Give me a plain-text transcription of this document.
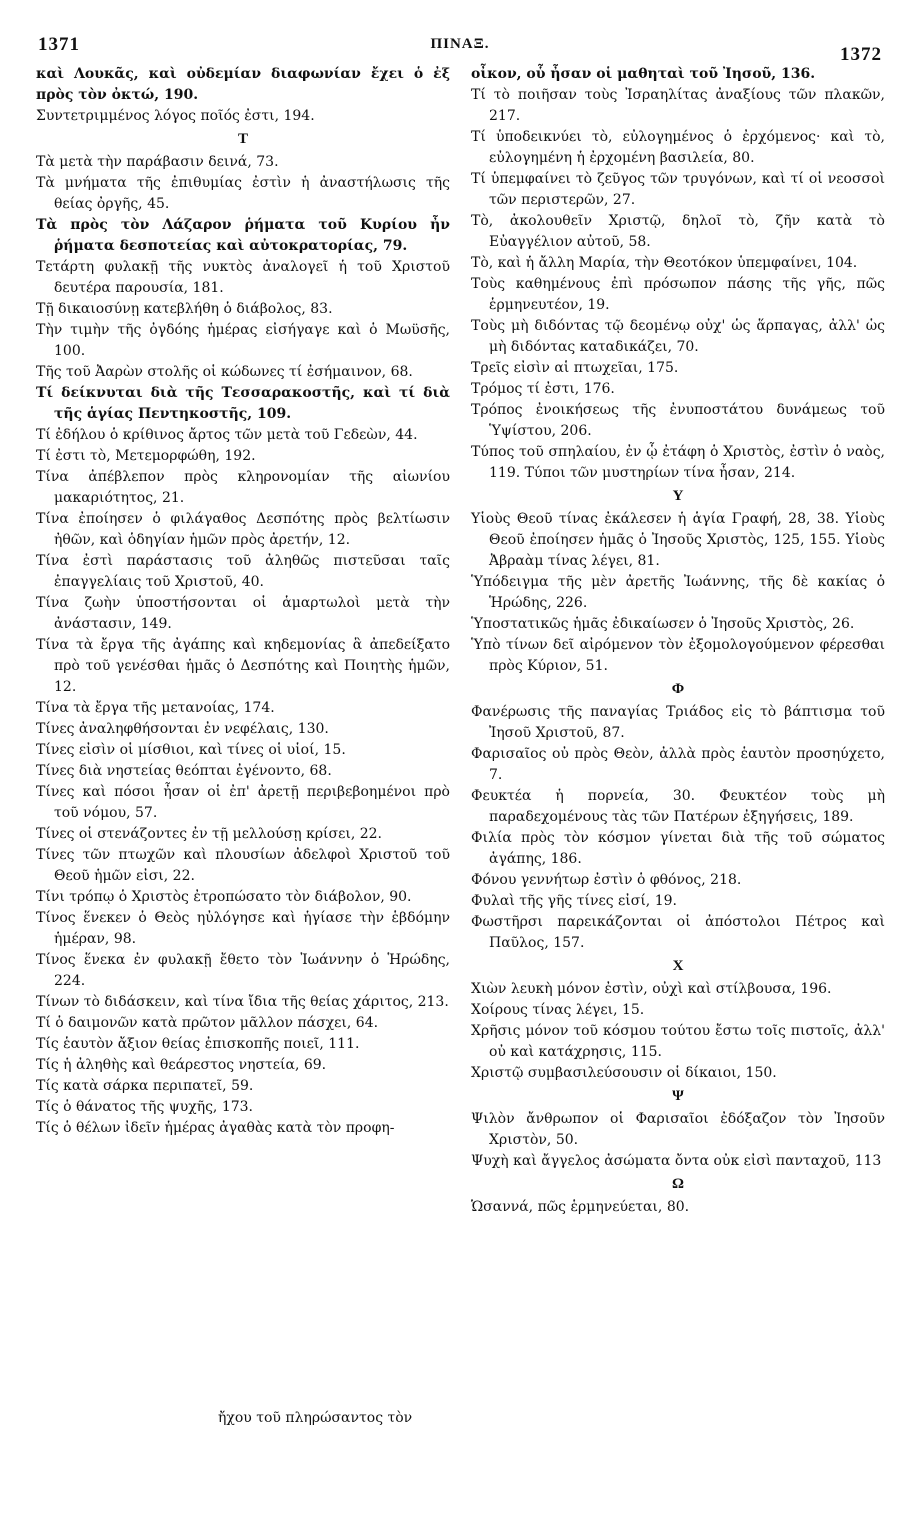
1371	ΠΙΝΑΞ.	1372

καὶ Λουκᾶς, καὶ οὐδεμίαν διαφωνίαν ἔχει ὁ ἐξ πρὸς τὸν ὀκτώ, 190.

Συντετριμμένος λόγος ποῖός ἐστι, 194.

Τ

Τὰ μετὰ τὴν παράβασιν δεινά, 73.

Τὰ μνήματα τῆς ἐπιθυμίας ἐστὶν ἡ ἀναστήλωσις τῆς θείας ὀργῆς, 45.

Τὰ πρὸς τὸν Λάζαρον ῥήματα τοῦ Κυρίου ἦν ῥήματα δεσποτείας καὶ αὐτοκρατορίας, 79.

Τετάρτη φυλακῇ τῆς νυκτὸς ἀναλογεῖ ἡ τοῦ Χριστοῦ δευτέρα παρουσία, 181.

Τῇ δικαιοσύνῃ κατεβλήθη ὁ διάβολος, 83.

Τὴν τιμὴν τῆς ὀγδόης ἡμέρας εἰσήγαγε καὶ ὁ Μωϋσῆς, 100.

Τῆς τοῦ Ἀαρὼν στολῆς οἱ κώδωνες τί ἐσήμαινον, 68.

Τί δείκνυται διὰ τῆς Τεσσαρακοστῆς, καὶ τί διὰ τῆς ἁγίας Πεντηκοστῆς, 109.

Τί ἐδήλου ὁ κρίθινος ἄρτος τῶν μετὰ τοῦ Γεδεὼν, 44.

Τί ἐστι τὸ, Μετεμορφώθη, 192.

Τίνα ἀπέβλεπον πρὸς κληρονομίαν τῆς αἰωνίου μακαριότητος, 21.

Τίνα ἐποίησεν ὁ φιλάγαθος Δεσπότης πρὸς βελτίωσιν ἠθῶν, καὶ ὁδηγίαν ἡμῶν πρὸς ἀρετήν, 12.

Τίνα ἐστὶ παράστασις τοῦ ἀληθῶς πιστεῦσαι ταῖς ἐπαγγελίαις τοῦ Χριστοῦ, 40.

Τίνα ζωὴν ὑποστήσονται οἱ ἁμαρτωλοὶ μετὰ τὴν ἀνάστασιν, 149.

Τίνα τὰ ἔργα τῆς ἀγάπης καὶ κηδεμονίας ἃ ἀπεδείξατο πρὸ τοῦ γενέσθαι ἡμᾶς ὁ Δεσπότης καὶ Ποιητὴς ἡμῶν, 12.

Τίνα τὰ ἔργα τῆς μετανοίας, 174.

Τίνες ἀναληφθήσονται ἐν νεφέλαις, 130.

Τίνες εἰσὶν οἱ μίσθιοι, καὶ τίνες οἱ υἱοί, 15.

Τίνες διὰ νηστείας θεόπται ἐγένοντο, 68.

Τίνες καὶ πόσοι ἦσαν οἱ ἐπ' ἀρετῇ περιβεβοημένοι πρὸ τοῦ νόμου, 57.

Τίνες οἱ στενάζοντες ἐν τῇ μελλούσῃ κρίσει, 22.

Τίνες τῶν πτωχῶν καὶ πλουσίων ἀδελφοὶ Χριστοῦ τοῦ Θεοῦ ἡμῶν εἰσι, 22.

Τίνι τρόπῳ ὁ Χριστὸς ἐτροπώσατο τὸν διάβολον, 90.

Τίνος ἕνεκεν ὁ Θεὸς ηὐλόγησε καὶ ἡγίασε τὴν ἑβδόμην ἡμέραν, 98.

Τίνος ἕνεκα ἐν φυλακῇ ἔθετο τὸν Ἰωάννην ὁ Ἡρώδης, 224.

Τίνων τὸ διδάσκειν, καὶ τίνα ἴδια τῆς θείας χάριτος, 213.

Τί ὁ δαιμονῶν κατὰ πρῶτον μᾶλλον πάσχει, 64.

Τίς ἑαυτὸν ἄξιον θείας ἐπισκοπῆς ποιεῖ, 111.

Τίς ἡ ἀληθὴς καὶ θεάρεστος νηστεία, 69.

Τίς κατὰ σάρκα περιπατεῖ, 59.

Τίς ὁ θάνατος τῆς ψυχῆς, 173.

Τίς ὁ θέλων ἰδεῖν ἡμέρας ἀγαθὰς κατὰ τὸν προφη-

οἶκον, οὗ ἦσαν οἱ μαθηταὶ τοῦ Ἰησοῦ, 136.

Τί τὸ ποιῆσαν τοὺς Ἰσραηλίτας ἀναξίους τῶν πλακῶν, 217.

Τί ὑποδεικνύει τὸ, εὐλογημένος ὁ ἐρχόμενος· καὶ τὸ, εὐλογημένη ἡ ἐρχομένη βασιλεία, 80.

Τί ὑπεμφαίνει τὸ ζεῦγος τῶν τρυγόνων, καὶ τί οἱ νεοσσοὶ τῶν περιστερῶν, 27.

Τὸ, ἀκολουθεῖν Χριστῷ, δηλοῖ τὸ, ζῆν κατὰ τὸ Εὐαγγέλιον αὐτοῦ, 58.

Τὸ, καὶ ἡ ἄλλη Μαρία, τὴν Θεοτόκον ὑπεμφαίνει, 104.

Τοὺς καθημένους ἐπὶ πρόσωπον πάσης τῆς γῆς, πῶς ἑρμηνευτέον, 19.

Τοὺς μὴ διδόντας τῷ δεομένῳ οὐχ' ὡς ἅρπαγας, ἀλλ' ὡς μὴ διδόντας καταδικάζει, 70.

Τρεῖς εἰσὶν αἱ πτωχεῖαι, 175.

Τρόμος τί ἐστι, 176.

Τρόπος ἐνοικήσεως τῆς ἐνυποστάτου δυνάμεως τοῦ Ὑψίστου, 206.

Τύπος τοῦ σπηλαίου, ἐν ᾧ ἐτάφη ὁ Χριστὸς, ἐστὶν ὁ ναὸς, 119. Τύποι τῶν μυστηρίων τίνα ἦσαν, 214.

Υ

Υἱοὺς Θεοῦ τίνας ἐκάλεσεν ἡ ἁγία Γραφή, 28, 38. Υἱοὺς Θεοῦ ἐποίησεν ἡμᾶς ὁ Ἰησοῦς Χριστὸς, 125, 155. Υἱοὺς Ἀβραὰμ τίνας λέγει, 81.

Ὑπόδειγμα τῆς μὲν ἀρετῆς Ἰωάννης, τῆς δὲ κακίας ὁ Ἡρώδης, 226.

Ὑποστατικῶς ἡμᾶς ἐδικαίωσεν ὁ Ἰησοῦς Χριστὸς, 26.

Ὑπὸ τίνων δεῖ αἰρόμενον τὸν ἐξομολογούμενον φέρεσθαι πρὸς Κύριον, 51.

Φ

Φανέρωσις τῆς παναγίας Τριάδος εἰς τὸ βάπτισμα τοῦ Ἰησοῦ Χριστοῦ, 87.

Φαρισαῖος οὐ πρὸς Θεὸν, ἀλλὰ πρὸς ἑαυτὸν προσηύχετο, 7.

Φευκτέα ἡ πορνεία, 30. Φευκτέον τοὺς μὴ παραδεχομένους τὰς τῶν Πατέρων ἐξηγήσεις, 189.

Φιλία πρὸς τὸν κόσμον γίνεται διὰ τῆς τοῦ σώματος ἀγάπης, 186.

Φόνου γεννήτωρ ἐστὶν ὁ φθόνος, 218.

Φυλαὶ τῆς γῆς τίνες εἰσί, 19.

Φωστῆρσι παρεικάζονται οἱ ἀπόστολοι Πέτρος καὶ Παῦλος, 157.

Χ

Χιὼν λευκὴ μόνον ἐστὶν, οὐχὶ καὶ στίλβουσα, 196.

Χοίρους τίνας λέγει, 15.

Χρῆσις μόνον τοῦ κόσμου τούτου ἔστω τοῖς πιστοῖς, ἀλλ' οὐ καὶ κατάχρησις, 115.

Χριστῷ συμβασιλεύσουσιν οἱ δίκαιοι, 150.

Ψ

Ψιλὸν ἄνθρωπον οἱ Φαρισαῖοι ἐδόξαζον τὸν Ἰησοῦν Χριστὸν, 50.

Ψυχὴ καὶ ἄγγελος ἀσώματα ὄντα οὐκ εἰσὶ πανταχοῦ, 113

Ω

Ὡσαννά, πῶς ἑρμηνεύεται, 80.

ἤχου τοῦ πληρώσαντος τὸν
